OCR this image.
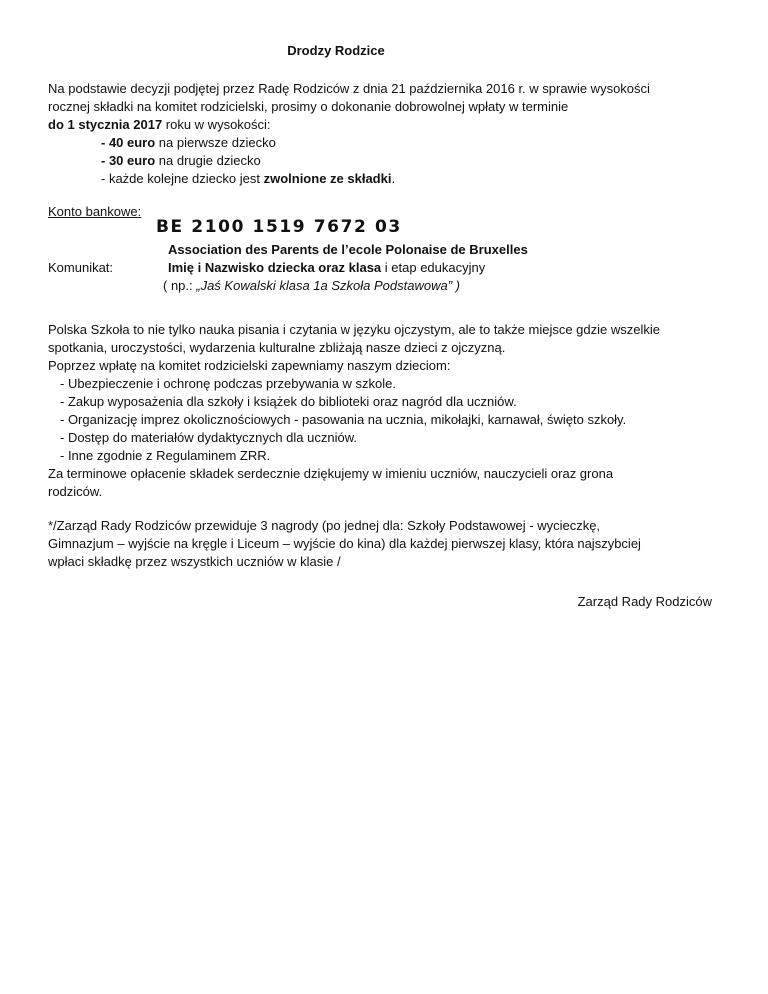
Drodzy Rodzice
Na podstawie decyzji podjętej przez Radę Rodziców z dnia 21 października 2016 r. w sprawie wysokości
rocznej składki na komitet rodzicielski, prosimy o dokonanie dobrowolnej wpłaty w terminie
do 1 stycznia 2017 roku w wysokości:
- 40 euro na pierwsze dziecko
- 30 euro na drugie dziecko
- każde kolejne dziecko jest zwolnione ze składki.
Konto bankowe:
BE 2100 1519 7672 03
Association des Parents de l’ecole Polonaise de Bruxelles
Komunikat:	Imię i Nazwisko dziecka oraz klasa i etap edukacyjny
( np.: „Jaś Kowalski klasa 1a Szkoła Podstawowa” )
Polska Szkoła to nie tylko nauka pisania i czytania w języku ojczystym, ale to także miejsce gdzie wszelkie
spotkania, uroczystości, wydarzenia kulturalne zbliżają nasze dzieci z ojczyzną.
Poprzez wpłatę na komitet rodzicielski zapewniamy naszym dzieciom:
- Ubezpieczenie i ochronę podczas przebywania w szkole.
- Zakup wyposażenia dla szkoły i książek do biblioteki oraz nagród dla uczniów.
- Organizację imprez okolicznościowych - pasowania na ucznia, mikołajki, karnawał, święto szkoły.
- Dostęp do materiałów dydaktycznych dla uczniów.
- Inne zgodnie z Regulaminem ZRR.
Za terminowe opłacenie składek serdecznie dziękujemy w imieniu uczniów, nauczycieli oraz grona
rodziców.
*/Zarząd Rady Rodziców przewiduje 3 nagrody (po jednej dla: Szkoły Podstawowej - wycieczkę,
Gimnazjum – wyjście na kręgle i Liceum – wyjście do kina) dla każdej pierwszej klasy, która najszybciej
wpłaci składkę przez wszystkich uczniów w klasie /
Zarząd Rady Rodziców
